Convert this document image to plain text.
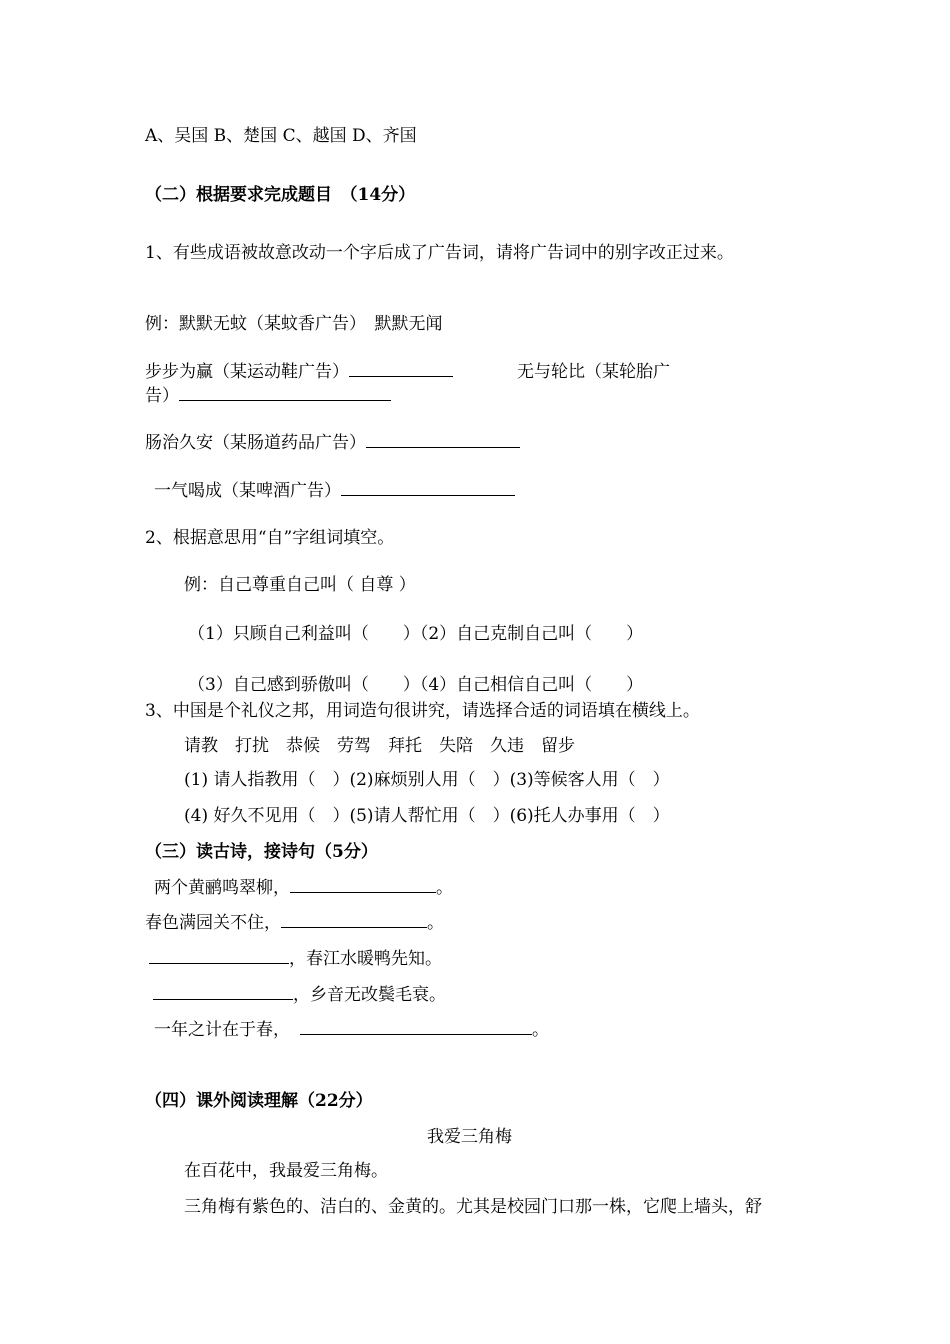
A、吴国 B、楚国 C、越国 D、齐国
（二）根据要求完成题目　（14分）
1、有些成语被故意改动一个字后成了广告词，请将广告词中的别字改正过来。
例：默默无蚊（某蚊香广告）　默默无闻
步步为赢（某运动鞋广告）	无与轮比（某轮胎广
告）
肠治久安（某肠道药品广告）
一气喝成（某啤酒广告）
2、根据意思用“自”字组词填空。
例：自己尊重自己叫（ 自尊 ）
（1）只顾自己利益叫（　　）（2）自己克制自己叫（　　）
（3）自己感到骄傲叫（　　）（4）自己相信自己叫（　　）
3、中国是个礼仪之邦，用词造句很讲究，请选择合适的词语填在横线上。
请教　打扰　恭候　劳驾　拜托　失陪　久违　留步
(1) 请人指教用（　）(2)麻烦别人用（　）(3)等候客人用（　）
(4) 好久不见用（　）(5)请人帮忙用（　）(6)托人办事用（　）
（三）读古诗，接诗句（5分）
两个黄鹂鸣翠柳，	。
春色满园关不住，	。
，春江水暖鸭先知。
，乡音无改鬓毛衰。
一年之计在于春，	。
（四）课外阅读理解（22分）
我爱三角梅
在百花中，我最爱三角梅。
三角梅有紫色的、洁白的、金黄的。尤其是校园门口那一株，它爬上墙头，舒
